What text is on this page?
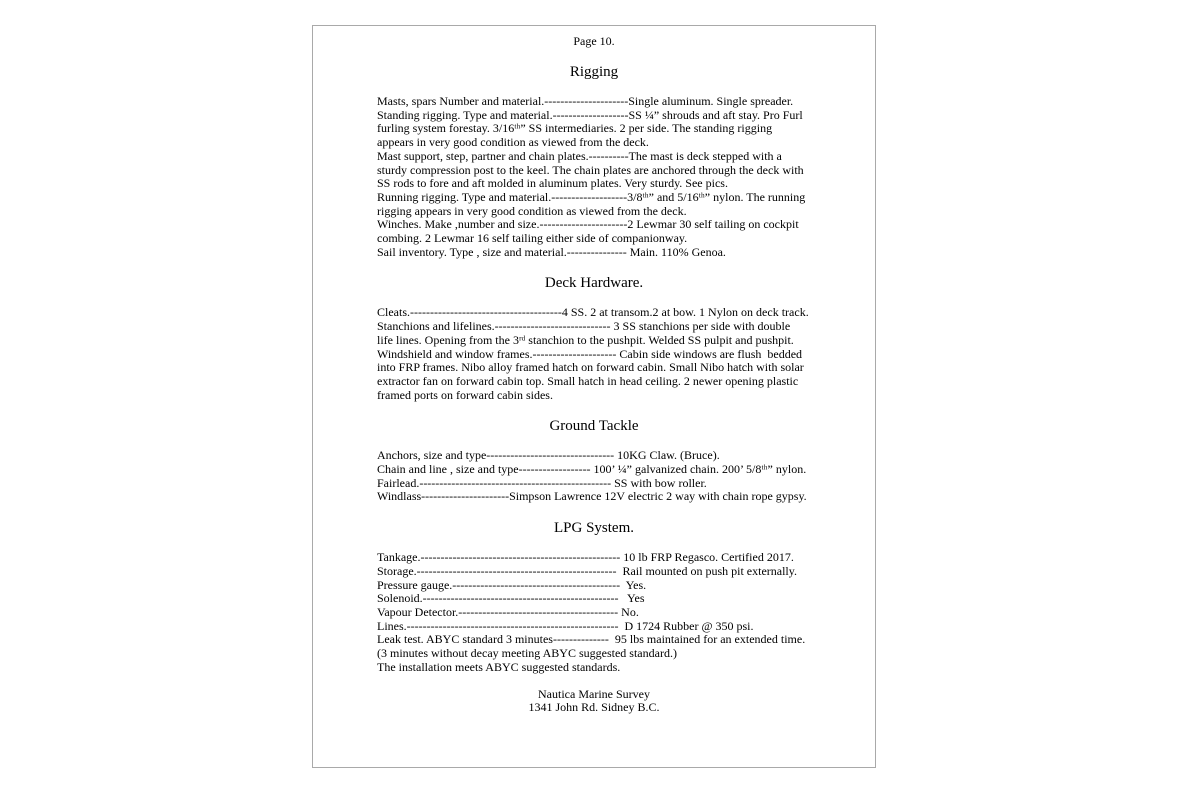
Page 10.
Rigging
Masts, spars Number and material.---------------------Single aluminum. Single spreader.
Standing rigging. Type and material.-------------------SS ¼” shrouds and aft stay. Pro Furl
furling system forestay. 3/16ᵗʰ” SS intermediaries. 2 per side. The standing rigging
appears in very good condition as viewed from the deck.
Mast support, step, partner and chain plates.----------The mast is deck stepped with a
sturdy compression post to the keel. The chain plates are anchored through the deck with
SS rods to fore and aft molded in aluminum plates. Very sturdy. See pics.
Running rigging. Type and material.-------------------3/8ᵗʰ” and 5/16ᵗʰ” nylon. The running
rigging appears in very good condition as viewed from the deck.
Winches. Make ,number and size.----------------------2 Lewmar 30 self tailing on cockpit
combing. 2 Lewmar 16 self tailing either side of companionway.
Sail inventory. Type , size and material.--------------- Main. 110% Genoa.
Deck Hardware.
Cleats.--------------------------------------4 SS. 2 at transom.2 at bow. 1 Nylon on deck track.
Stanchions and lifelines.----------------------------- 3 SS stanchions per side with double
life lines. Opening from the 3ʳᵈ stanchion to the pushpit. Welded SS pulpit and pushpit.
Windshield and window frames.--------------------- Cabin side windows are flush  bedded
into FRP frames. Nibo alloy framed hatch on forward cabin. Small Nibo hatch with solar
extractor fan on forward cabin top. Small hatch in head ceiling. 2 newer opening plastic
framed ports on forward cabin sides.
Ground Tackle
Anchors, size and type-------------------------------- 10KG Claw. (Bruce).
Chain and line , size and type------------------ 100’ ¼” galvanized chain. 200’ 5/8ᵗʰ” nylon.
Fairlead.------------------------------------------------ SS with bow roller.
Windlass----------------------Simpson Lawrence 12V electric 2 way with chain rope gypsy.
LPG System.
Tankage.-------------------------------------------------- 10 lb FRP Regasco. Certified 2017.
Storage.--------------------------------------------------  Rail mounted on push pit externally.
Pressure gauge.------------------------------------------  Yes.
Solenoid.-------------------------------------------------   Yes
Vapour Detector.---------------------------------------- No.
Lines.-----------------------------------------------------  D 1724 Rubber @ 350 psi.
Leak test. ABYC standard 3 minutes--------------  95 lbs maintained for an extended time.
(3 minutes without decay meeting ABYC suggested standard.)
The installation meets ABYC suggested standards.
Nautica Marine Survey
1341 John Rd. Sidney B.C.
